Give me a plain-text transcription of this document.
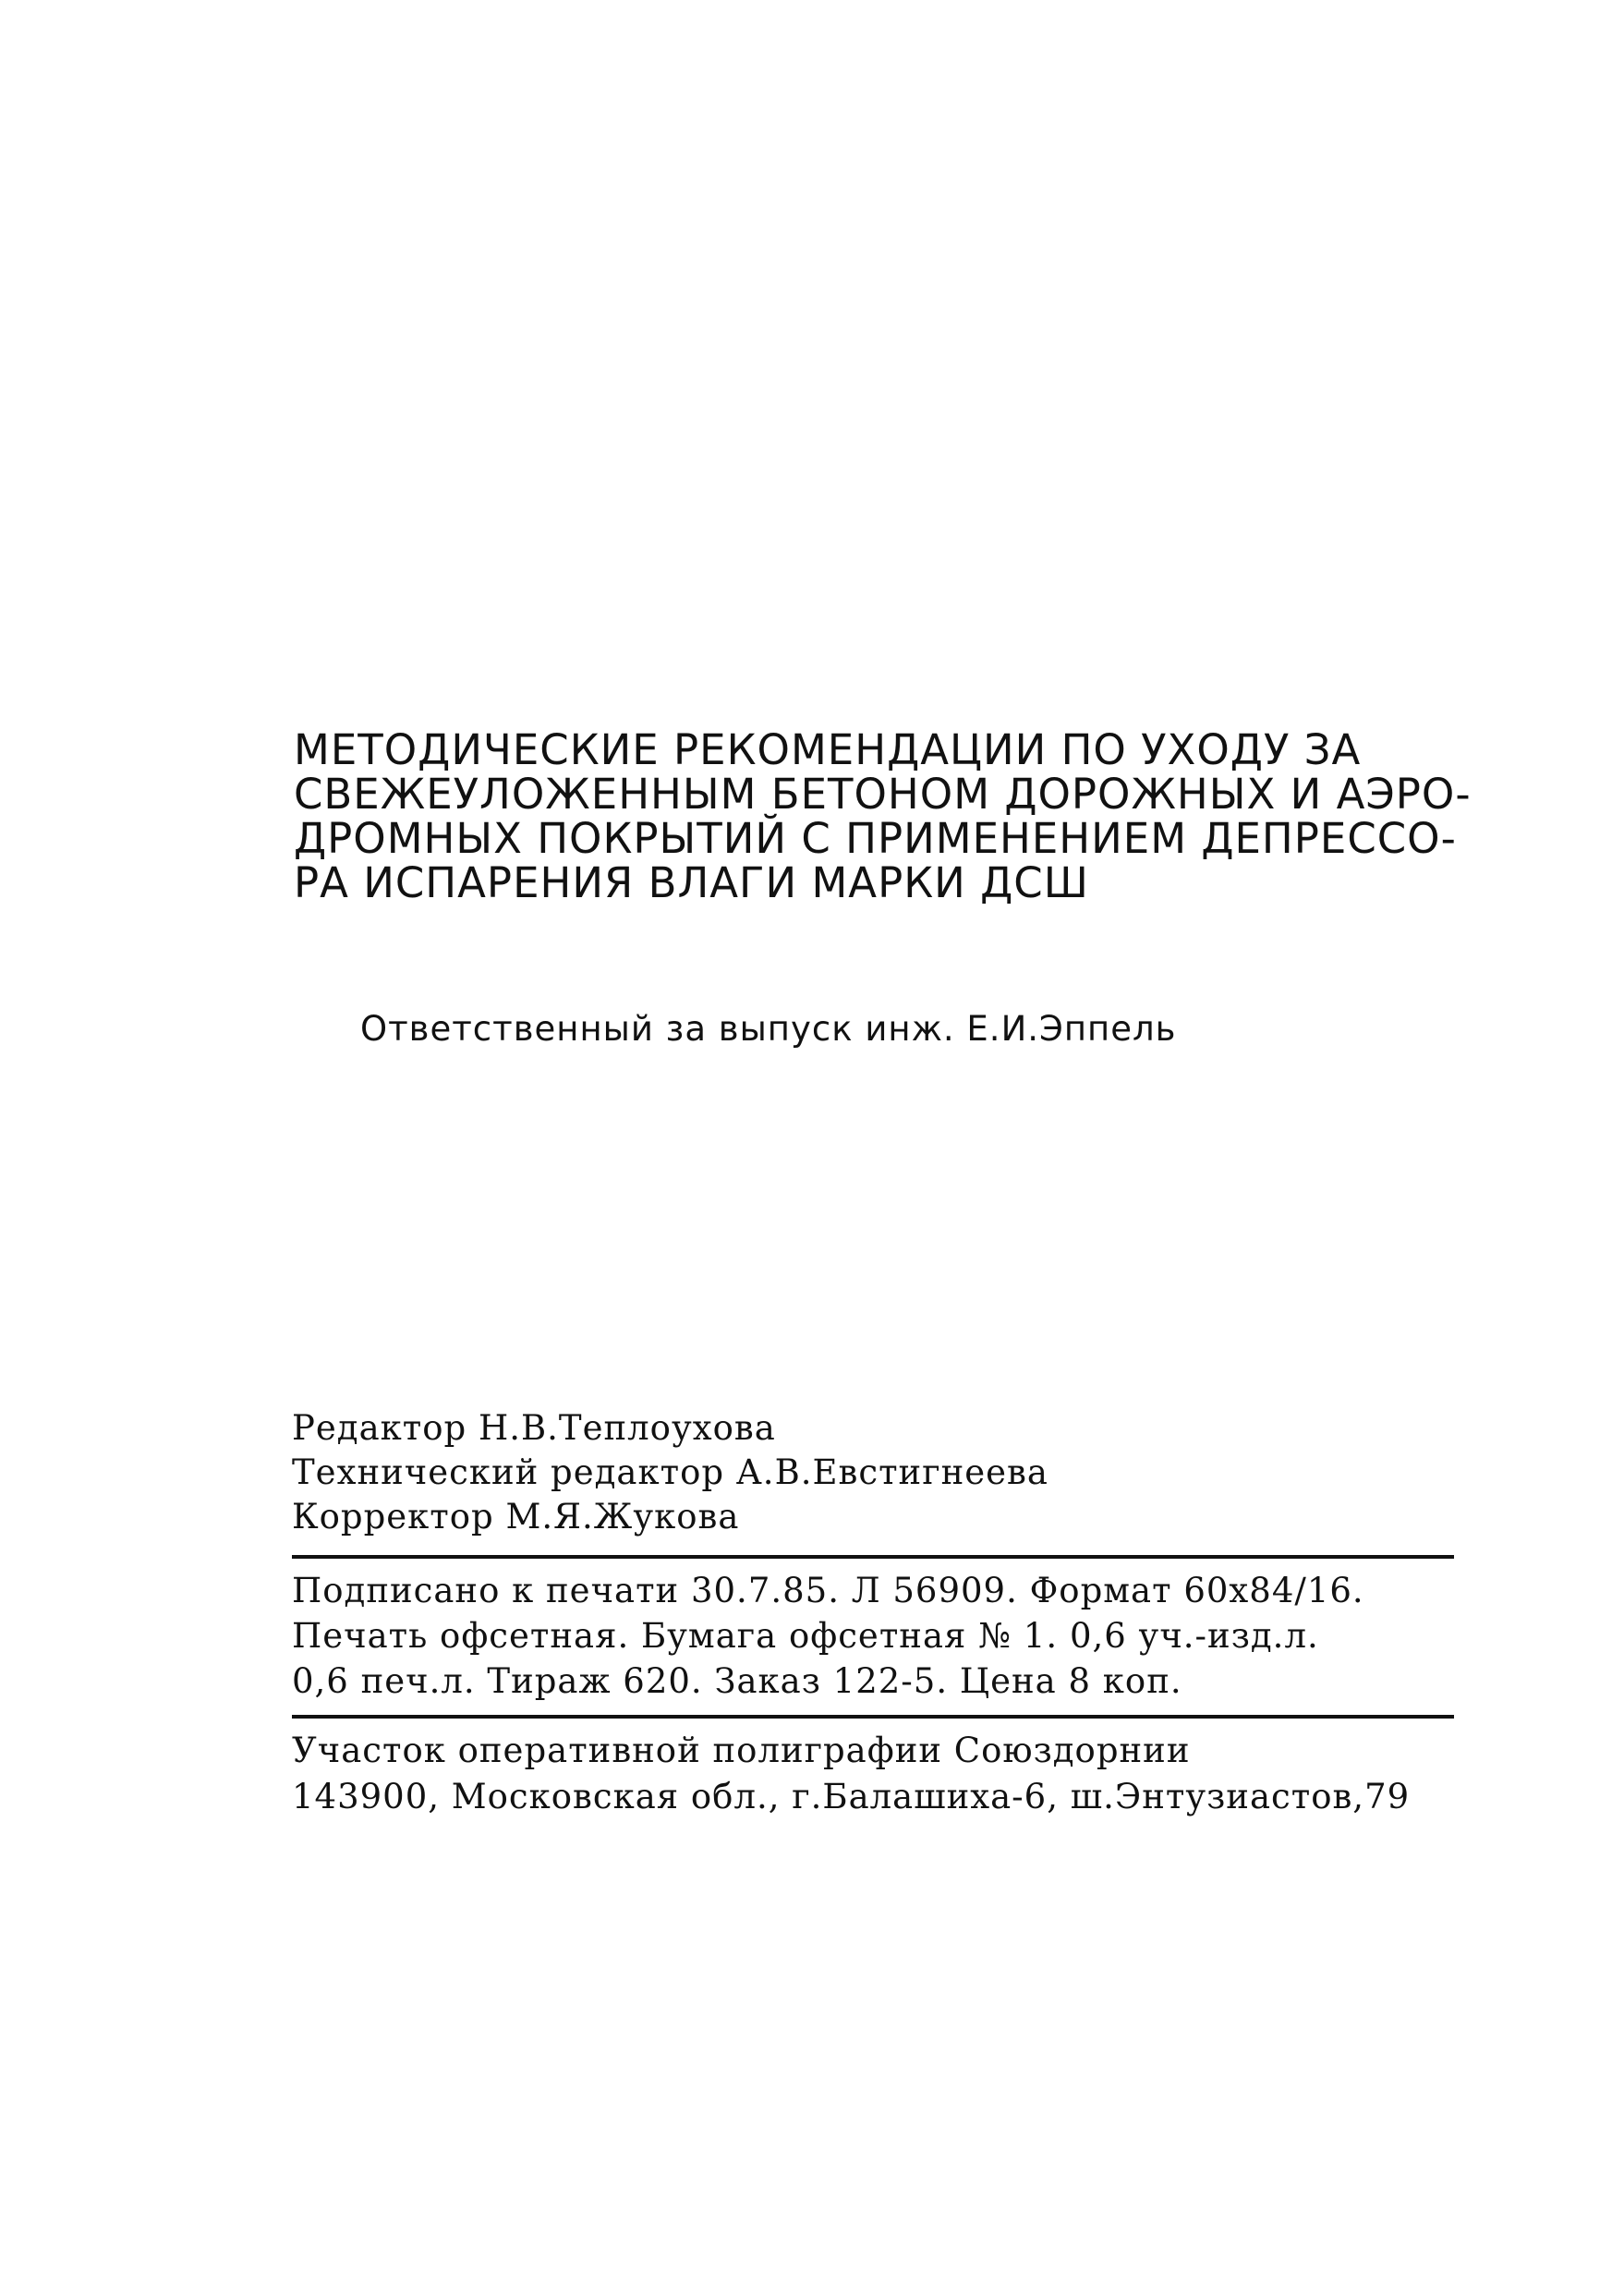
МЕТОДИЧЕСКИЕ РЕКОМЕНДАЦИИ ПО УХОДУ ЗА
СВЕЖЕУЛОЖЕННЫМ БЕТОНОМ ДОРОЖНЫХ И АЭРО-
ДРОМНЫХ ПОКРЫТИЙ С ПРИМЕНЕНИЕМ ДЕПРЕССО-
РА ИСПАРЕНИЯ ВЛАГИ МАРКИ ДСШ
Ответственный за выпуск инж. Е.И.Эппель
Редактор Н.В.Теплоухова
Технический редактор А.В.Евстигнеева
Корректор М.Я.Жукова
Подписано к печати 30.7.85. Л 56909. Формат 60х84/16.
Печать офсетная. Бумага офсетная № 1. 0,6 уч.-изд.л.
0,6 печ.л. Тираж 620. Заказ 122-5. Цена 8 коп.
Участок оперативной полиграфии Союздорнии
143900, Московская обл., г.Балашиха-6, ш.Энтузиастов,79
